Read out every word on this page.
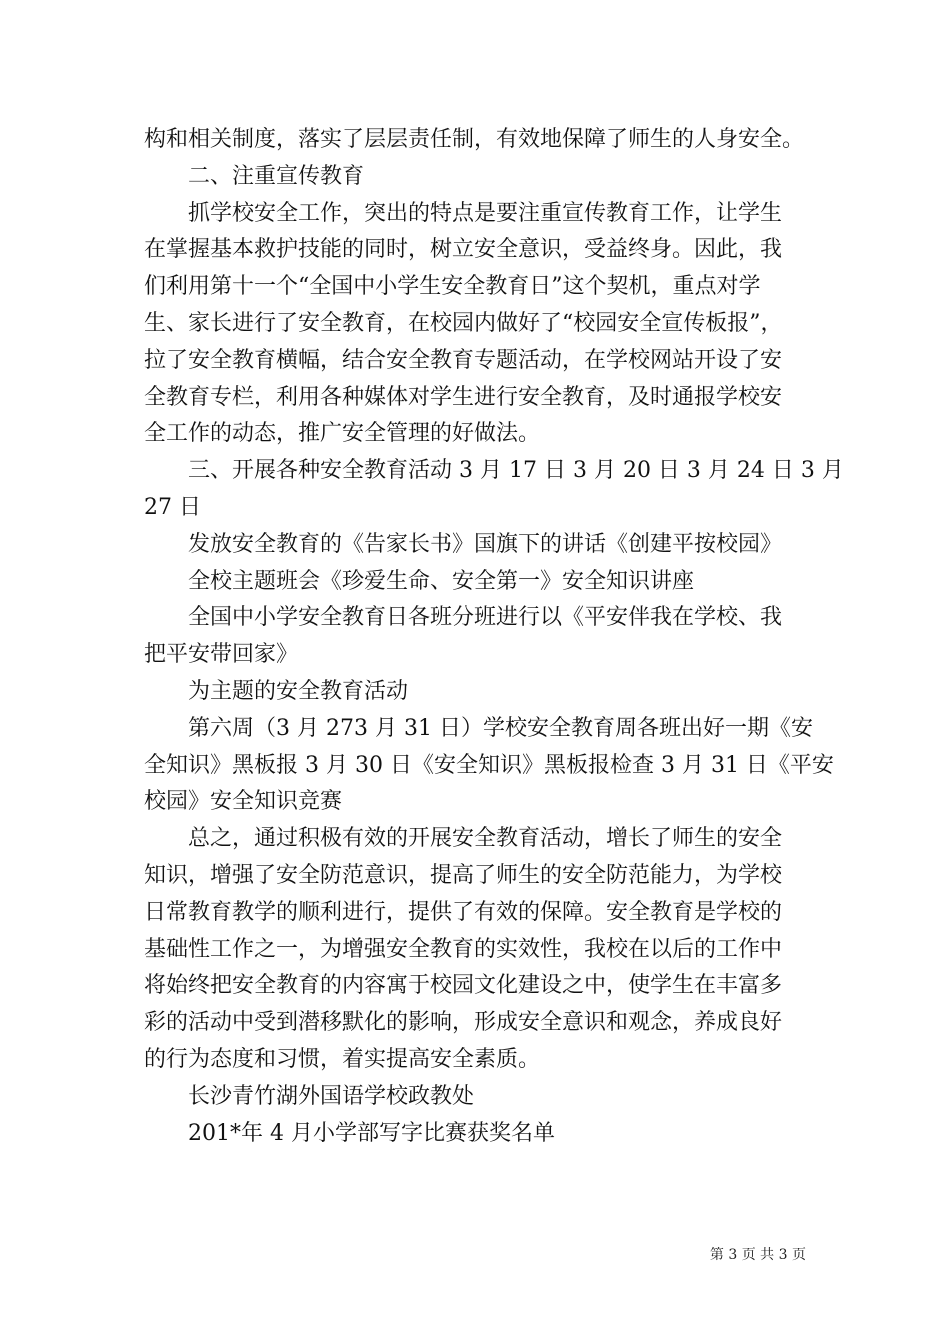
构和相关制度，落实了层层责任制，有效地保障了师生的人身安全。
二、注重宣传教育
抓学校安全工作，突出的特点是要注重宣传教育工作，让学生
在掌握基本救护技能的同时，树立安全意识，受益终身。因此，我
们利用第十一个“全国中小学生安全教育日”这个契机，重点对学
生、家长进行了安全教育，在校园内做好了“校园安全宣传板报”，
拉了安全教育横幅，结合安全教育专题活动，在学校网站开设了安
全教育专栏，利用各种媒体对学生进行安全教育，及时通报学校安
全工作的动态，推广安全管理的好做法。
三、开展各种安全教育活动 3 月 17 日 3 月 20 日 3 月 24 日 3 月
27 日
发放安全教育的《告家长书》国旗下的讲话《创建平按校园》
全校主题班会《珍爱生命、安全第一》安全知识讲座
全国中小学安全教育日各班分班进行以《平安伴我在学校、我
把平安带回家》
为主题的安全教育活动
第六周（3 月 273 月 31 日）学校安全教育周各班出好一期《安
全知识》黑板报 3 月 30 日《安全知识》黑板报检查 3 月 31 日《平安
校园》安全知识竞赛
总之，通过积极有效的开展安全教育活动，增长了师生的安全
知识，增强了安全防范意识，提高了师生的安全防范能力，为学校
日常教育教学的顺利进行，提供了有效的保障。安全教育是学校的
基础性工作之一，为增强安全教育的实效性，我校在以后的工作中
将始终把安全教育的内容寓于校园文化建设之中，使学生在丰富多
彩的活动中受到潜移默化的影响，形成安全意识和观念，养成良好
的行为态度和习惯，着实提高安全素质。
长沙青竹湖外国语学校政教处
201*年 4 月小学部写字比赛获奖名单
第 3 页 共 3 页
